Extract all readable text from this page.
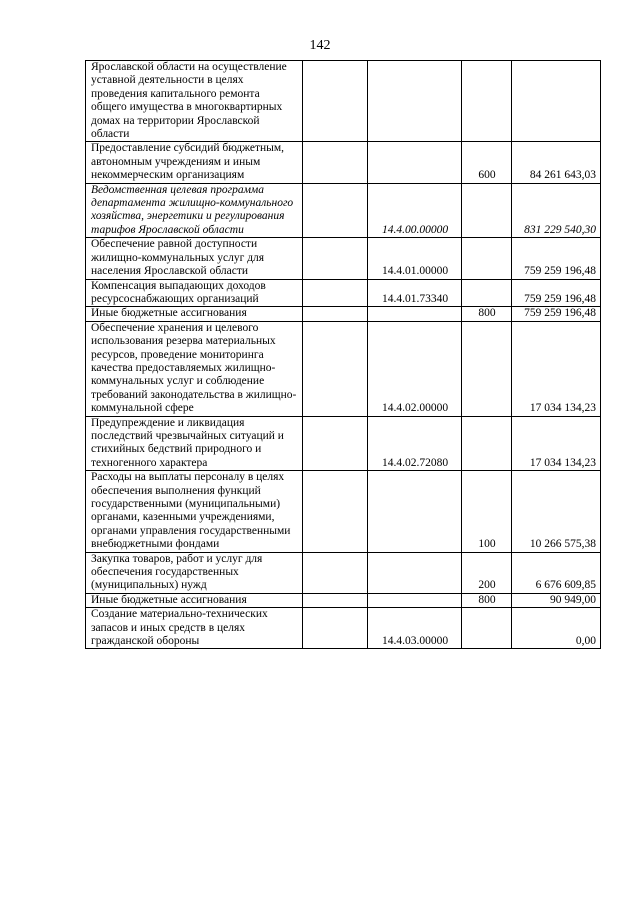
142
Ярославской области на осуществление уставной деятельности в целях проведения капитального ремонта общего имущества в многоквартирных домах на территории Ярославской области				
Предоставление субсидий бюджетным, автономным учреждениям и иным некоммерческим организациям			600	84 261 643,03
Ведомственная целевая программа департамента жилищно-коммунального хозяйства, энергетики и регулирования тарифов Ярославской области		14.4.00.00000		831 229 540,30
Обеспечение равной доступности жилищно-коммунальных услуг для населения Ярославской области		14.4.01.00000		759 259 196,48
Компенсация выпадающих доходов ресурсоснабжающих организаций		14.4.01.73340		759 259 196,48
Иные бюджетные ассигнования			800	759 259 196,48
Обеспечение хранения и целевого использования резерва материальных ресурсов, проведение мониторинга качества предоставляемых жилищно-коммунальных услуг и соблюдение требований законодательства в жилищно-коммунальной сфере		14.4.02.00000		17 034 134,23
Предупреждение и ликвидация последствий чрезвычайных ситуаций и стихийных бедствий природного и техногенного характера		14.4.02.72080		17 034 134,23
Расходы на выплаты персоналу в целях обеспечения выполнения функций государственными (муниципальными) органами, казенными учреждениями, органами управления государственными внебюджетными фондами			100	10 266 575,38
Закупка товаров, работ и услуг для обеспечения государственных (муниципальных) нужд			200	6 676 609,85
Иные бюджетные ассигнования			800	90 949,00
Создание материально-технических запасов и иных средств в целях гражданской обороны		14.4.03.00000		0,00
